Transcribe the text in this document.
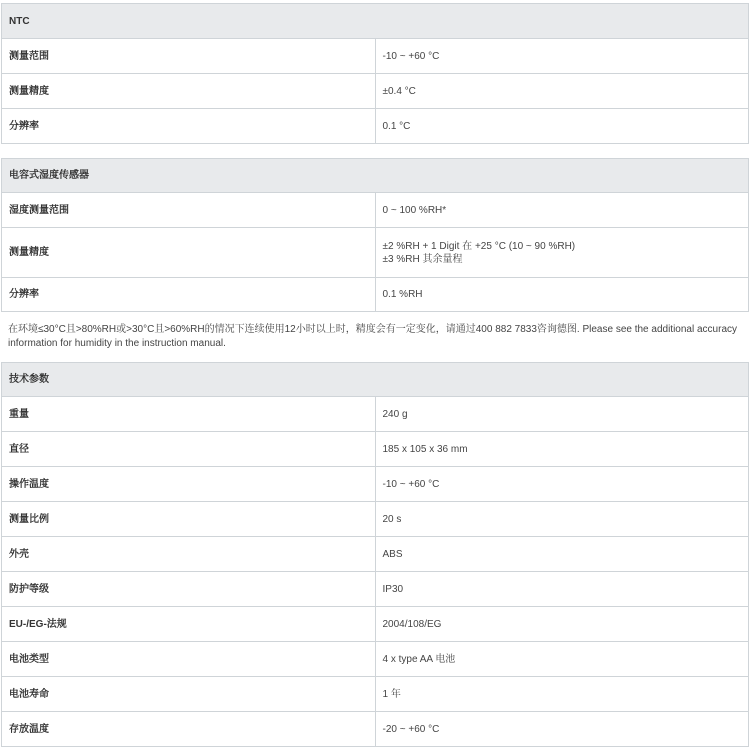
NTC	
测量范围	-10 ~ +60 °C
测量精度	±0.4 °C
分辨率	0.1 °C
电容式湿度传感器	
湿度测量范围	0 ~ 100 %RH*
测量精度	±2 %RH + 1 Digit 在 +25 °C (10 ~ 90 %RH)
±3 %RH 其余量程

分辨率	0.1 %RH
在环境≤30°C且>80%RH或>30°C且>60%RH的情况下连续使用12小时以上时，精度会有一定变化，请通过400 882 7833咨询德图. Please see the additional accuracy information for humidity in the instruction manual.
技术参数	
重量	240 g
直径	185 x 105 x 36 mm
操作温度	-10 ~ +60 °C
测量比例	20 s
外壳	ABS
防护等级	IP30
EU-/EG-法规	2004/108/EG
电池类型	4 x type AA 电池
电池寿命	1 年
存放温度	-20 ~ +60 °C
